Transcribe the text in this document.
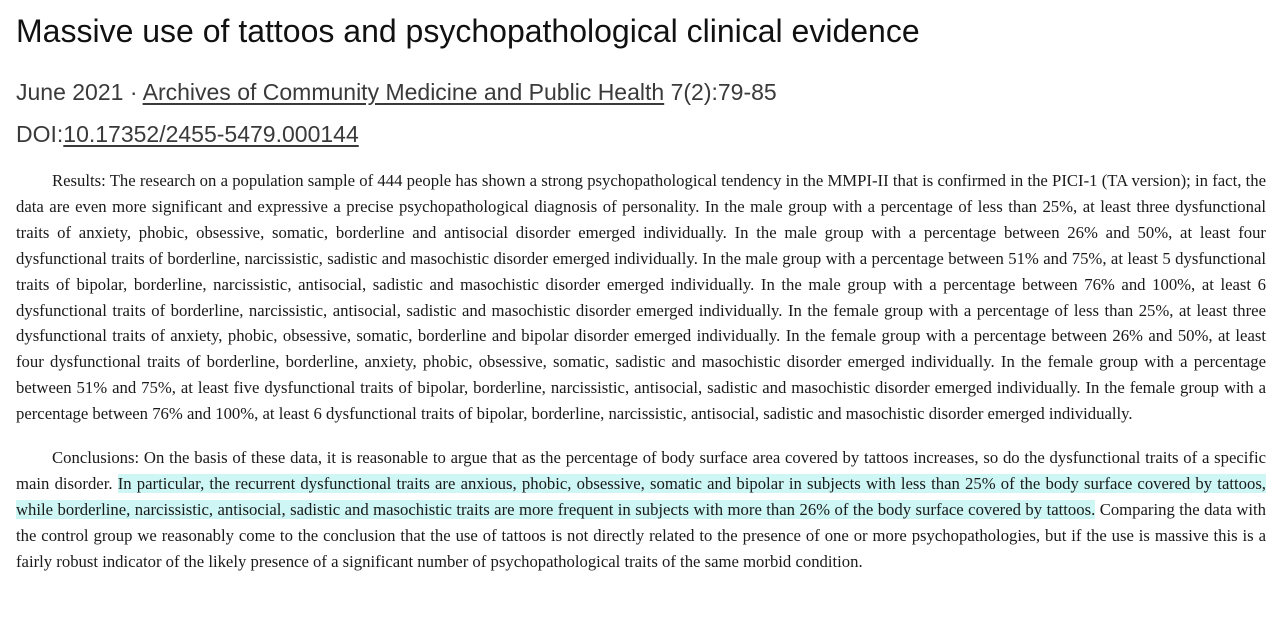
Massive use of tattoos and psychopathological clinical evidence
June 2021 · Archives of Community Medicine and Public Health 7(2):79-85
DOI:10.17352/2455-5479.000144

Results: The research on a population sample of 444 people has shown a strong psychopathological tendency in the MMPI-II that is confirmed in the PICI-1 (TA version); in fact, the data are even more significant and expressive a precise psychopathological diagnosis of personality. In the male group with a percentage of less than 25%, at least three dysfunctional traits of anxiety, phobic, obsessive, somatic, borderline and antisocial disorder emerged individually. In the male group with a percentage between 26% and 50%, at least four dysfunctional traits of borderline, narcissistic, sadistic and masochistic disorder emerged individually. In the male group with a percentage between 51% and 75%, at least 5 dysfunctional traits of bipolar, borderline, narcissistic, antisocial, sadistic and masochistic disorder emerged individually. In the male group with a percentage between 76% and 100%, at least 6 dysfunctional traits of borderline, narcissistic, antisocial, sadistic and masochistic disorder emerged individually. In the female group with a percentage of less than 25%, at least three dysfunctional traits of anxiety, phobic, obsessive, somatic, borderline and bipolar disorder emerged individually. In the female group with a percentage between 26% and 50%, at least four dysfunctional traits of borderline, borderline, anxiety, phobic, obsessive, somatic, sadistic and masochistic disorder emerged individually. In the female group with a percentage between 51% and 75%, at least five dysfunctional traits of bipolar, borderline, narcissistic, antisocial, sadistic and masochistic disorder emerged individually. In the female group with a percentage between 76% and 100%, at least 6 dysfunctional traits of bipolar, borderline, narcissistic, antisocial, sadistic and masochistic disorder emerged individually.

Conclusions: On the basis of these data, it is reasonable to argue that as the percentage of body surface area covered by tattoos increases, so do the dysfunctional traits of a specific main disorder. In particular, the recurrent dysfunctional traits are anxious, phobic, obsessive, somatic and bipolar in subjects with less than 25% of the body surface covered by tattoos, while borderline, narcissistic, antisocial, sadistic and masochistic traits are more frequent in subjects with more than 26% of the body surface covered by tattoos. Comparing the data with the control group we reasonably come to the conclusion that the use of tattoos is not directly related to the presence of one or more psychopathologies, but if the use is massive this is a fairly robust indicator of the likely presence of a significant number of psychopathological traits of the same morbid condition.
